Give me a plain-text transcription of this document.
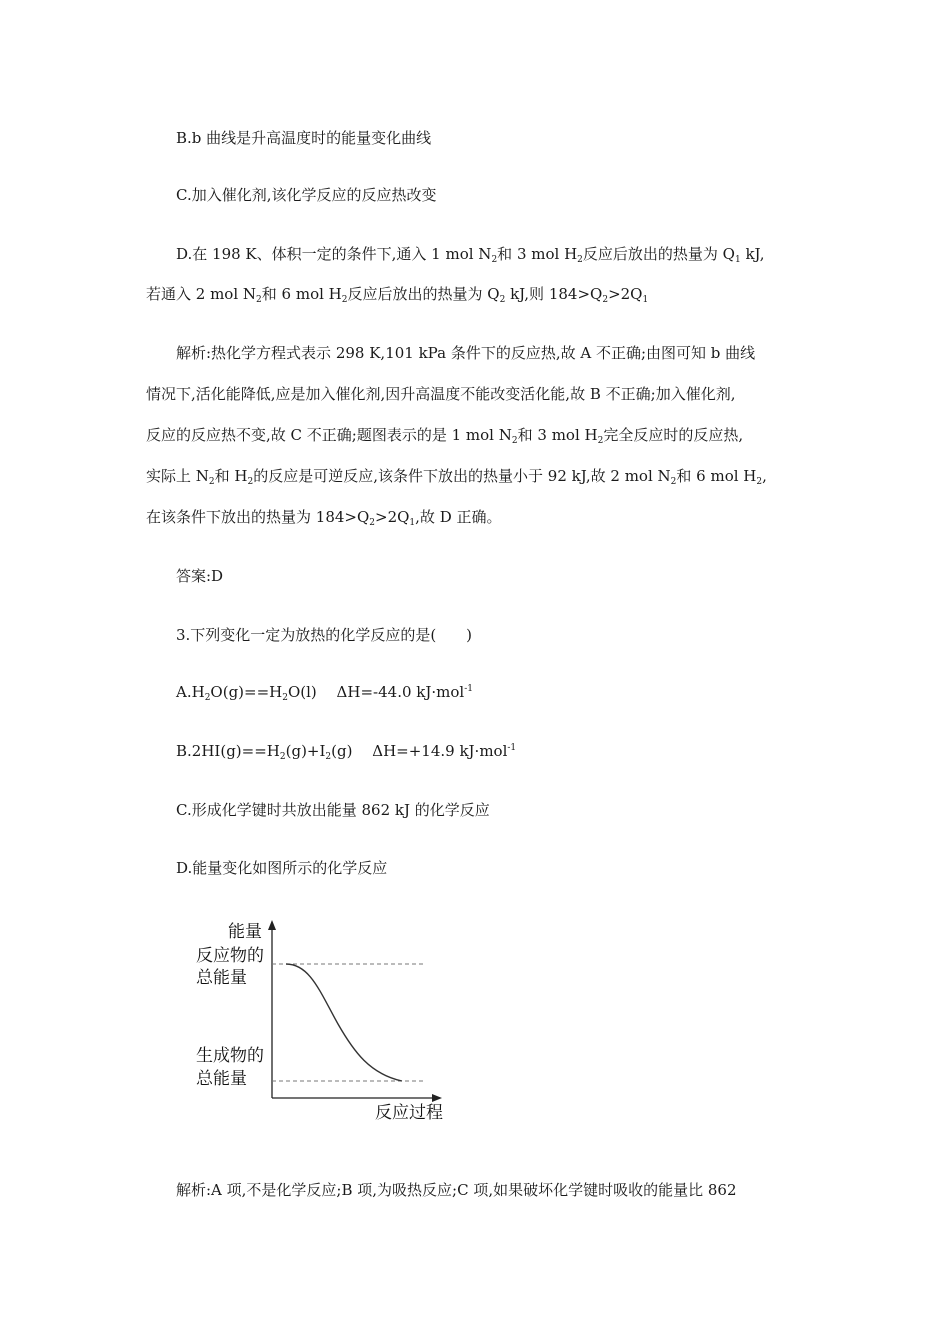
B.b 曲线是升高温度时的能量变化曲线
C.加入催化剂,该化学反应的反应热改变
D.在 198 K、体积一定的条件下,通入 1 mol $N_2$和 3 mol $H_2$反应后放出的热量为 $Q_1$ kJ,
若通入 2 mol $N_2$和 6 mol $H_2$反应后放出的热量为 $Q_2$ kJ,则 $184>Q_2>2Q_1$
解析:热化学方程式表示 298 K,101 kPa 条件下的反应热,故 A 不正确;由图可知 b 曲线
情况下,活化能降低,应是加入催化剂,因升高温度不能改变活化能,故 B 不正确;加入催化剂,
反应的反应热不变,故 C 不正确;题图表示的是 1 mol $N_2$和 3 mol $H_2$完全反应时的反应热,
实际上 $N_2$和 $H_2$的反应是可逆反应,该条件下放出的热量小于 92 kJ,故 2 mol $N_2$和 6 mol $H_2$,
在该条件下放出的热量为 $184>Q_2>2Q_1$,故 D 正确。
答案:D
3.下列变化一定为放热的化学反应的是(　　)
$A.H_2O(g)==H_2O(l)$　 ΔH=-44.0 kJ·mol$^{-1}$
$B.2HI(g)==H_2(g)+I_2(g)$　 ΔH=+14.9 kJ·mol$^{-1}$
C.形成化学键时共放出能量 862 kJ 的化学反应
D.能量变化如图所示的化学反应
能量
反应物的
总能量
生成物的
总能量
反应过程
解析:A 项,不是化学反应;B 项,为吸热反应;C 项,如果破坏化学键时吸收的能量比 862
